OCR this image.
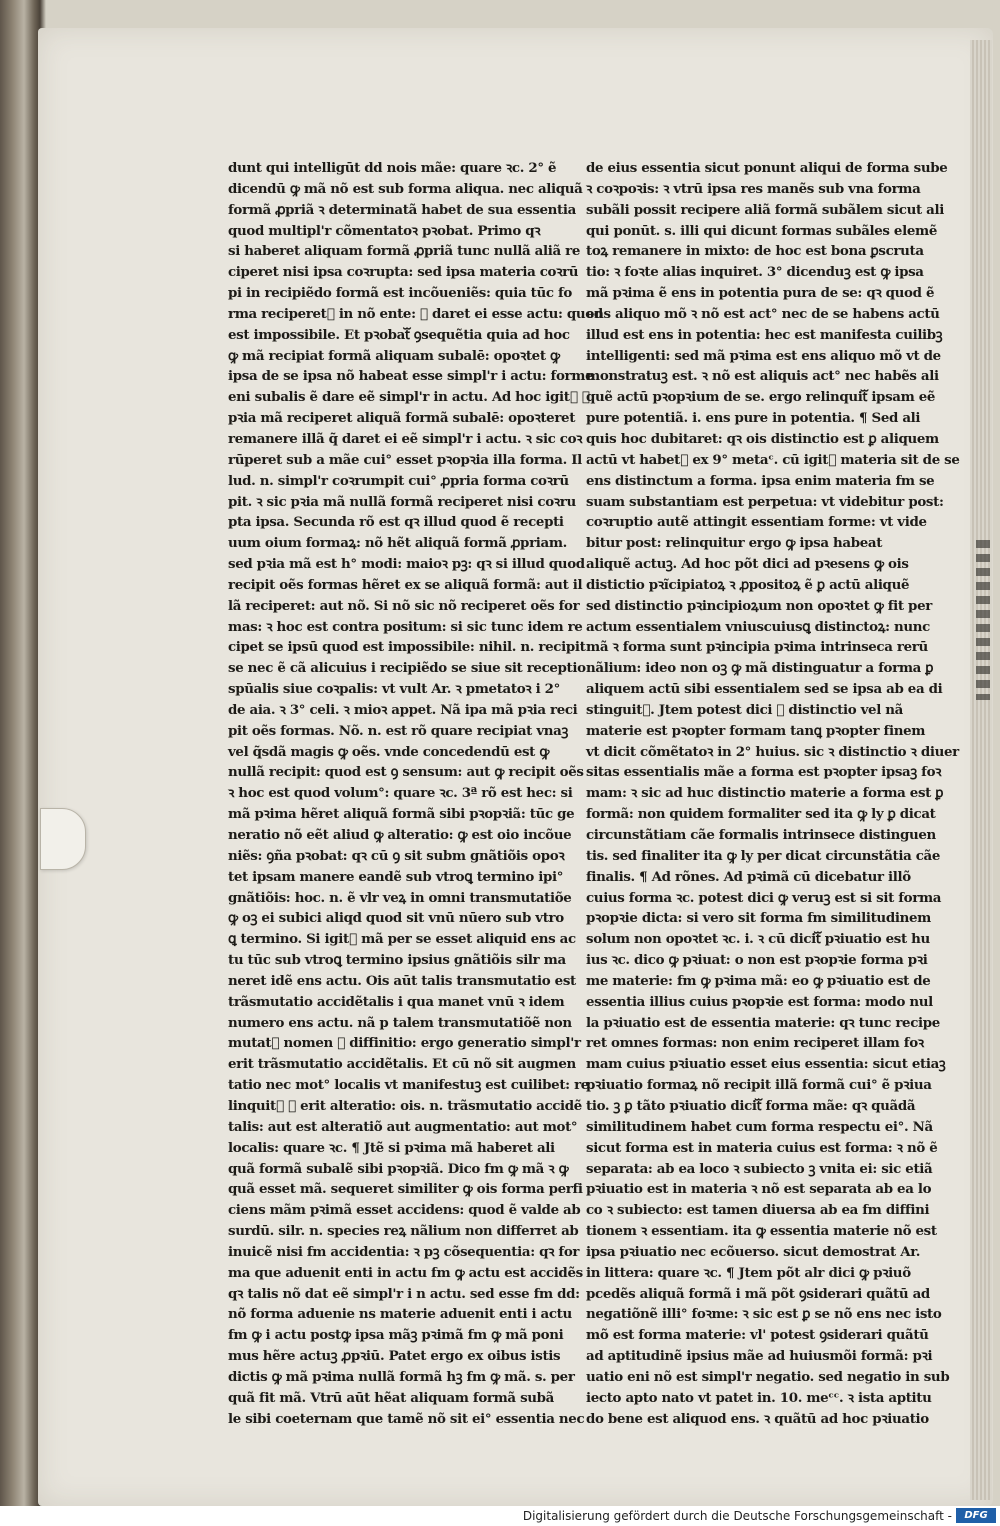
dunt qui intelligūt dd nois mãe: quare ꝛc. 2° ẽ
dicendū ꝙ mã nõ est sub forma aliqua. nec aliquã
formã ꝓpriã ꝛ determinatã habet de sua essentia
quod multipl'r cõmentatoꝛ pꝛobat. Primo qꝛ
si haberet aliquam formã ꝓpriã tunc nullã aliã re
ciperet nisi ipsa coꝛrupta: sed ipsa materia coꝛrū
pi in recipiẽdo formã est incõueniẽs: quia tūc fo
rma reciperetᷓ in nõ ente: ꝛ daret ei esse actu: quod
est impossibile. Et pꝛobatᷓ ꝯsequẽtia quia ad hoc
ꝙ mã recipiat formã aliquam subalē: opoꝛtet ꝙ
ipsa de se ipsa nõ habeat esse simpl'r i actu: forme
eni subalis ẽ dare eẽ simpl'r in actu. Ad hoc igitᷓ ꝙ
pꝛia mã reciperet aliquã formã subalē: opoꝛteret
remanere illã q̃ daret ei eẽ simpl'r i actu. ꝛ sic coꝛ
rūperet sub a mãe cui° esset pꝛopꝛia illa forma. Il
lud. n. simpl'r coꝛrumpit cui° ꝓpria forma coꝛrū
pit. ꝛ sic pꝛia mã nullã formã reciperet nisi coꝛru
pta ipsa. Secunda rõ est qꝛ illud quod ẽ recepti
uum oium formaꝝ: nõ hẽt aliquã formã ꝓpriam.
sed pꝛia mã est h° modi: maioꝛ pꝫ: qꝛ si illud quod
recipit oẽs formas hẽret ex se aliquã formã: aut il
lã reciperet: aut nõ. Si nõ sic nõ reciperet oẽs for
mas: ꝛ hoc est contra positum: si sic tunc idem re
cipet se ipsū quod est impossibile: nihil. n. recipit
se nec ẽ cã alicuius i recipiẽdo se siue sit receptio
spūalis siue coꝛpalis: vt vult Ar. ꝛ pmetatoꝛ i 2°
de aia. ꝛ 3° celi. ꝛ mioꝛ appet. Nã ipa mã pꝛia reci
pit oẽs formas. Nõ. n. est rõ quare recipiat vnaꝫ
vel q̃sdã magis ꝙ oẽs. vnde concedendū est ꝙ
nullã recipit: quod est ꝯ sensum: aut ꝙ recipit oẽs
ꝛ hoc est quod volum°: quare ꝛc. 3ª rõ est hec: si
mã pꝛima hẽret aliquã formã sibi pꝛopꝛiã: tūc ge
neratio nõ eẽt aliud ꝙ alteratio: ꝙ est oio incõue
niẽs: ꝯña pꝛobat: qꝛ cū ꝯ sit subm gnãtiõis opoꝛ
tet ipsam manere eandẽ sub vtroꝗ termino ipi°
gnãtiõis: hoc. n. ẽ vlr veꝝ in omni transmutatiõe
ꝙ oꝫ ei subici aliqd quod sit vnū nūero sub vtro
ꝗ termino. Si igitᷓ mã per se esset aliquid ens ac
tu tūc sub vtroꝗ termino ipsius gnãtiõis silr ma
neret idẽ ens actu. Ois aūt talis transmutatio est
trãsmutatio accidẽtalis i qua manet vnū ꝛ idem
numero ens actu. nã p talem transmutatiõẽ non
mutatᷓ nomen ꝛ diffinitio: ergo generatio simpl'r
erit trãsmutatio accidẽtalis. Et cū nõ sit augmen
tatio nec mot° localis vt manifestuꝫ est cuilibet: re
linquitᷓ ꝙ erit alteratio: ois. n. trãsmutatio accidẽ
talis: aut est alteratiõ aut augmentatio: aut mot°
localis: quare ꝛc. ¶ Jtẽ si pꝛima mã haberet ali
quã formã subalẽ sibi pꝛopꝛiã. Dico fm ꝙ mã ꝛ ꝙ
quã esset mã. sequeret similiter ꝙ ois forma perfi
ciens mãm pꝛimã esset accidens: quod ẽ valde ab
surdū. silr. n. species reꝝ nãlium non differret ab
inuicẽ nisi fm accidentia: ꝛ pꝫ cõsequentia: qꝛ for
ma que aduenit enti in actu fm ꝙ actu est accidẽs
qꝛ talis nõ dat eẽ simpl'r i n actu. sed esse fm dd:
nõ forma aduenie ns materie aduenit enti i actu
fm ꝙ i actu postꝙ ipsa mãꝫ pꝛimã fm ꝙ mã poni
mus hẽre actuꝫ ꝓpꝛiū. Patet ergo ex oibus istis
dictis ꝙ mã pꝛima nullã formã hꝫ fm ꝙ mã. s. per
quã fit mã. Vtrū aūt hẽat aliquam formã subã
le sibi coeternam que tamẽ nõ sit ei° essentia nec
de eius essentia sicut ponunt aliqui de forma sube
ꝛ coꝛpoꝛis: ꝛ vtrū ipsa res manẽs sub vna forma
subãli possit recipere aliã formã subãlem sicut ali
qui ponūt. s. illi qui dicunt formas subãles elemẽ
toꝝ remanere in mixto: de hoc est bona ꝑscruta
tio: ꝛ foꝛte alias inquiret. 3° dicenduꝫ est ꝙ ipsa
mã pꝛima ẽ ens in potentia pura de se: qꝛ quod ẽ
ens aliquo mõ ꝛ nõ est act° nec de se habens actū
illud est ens in potentia: hec est manifesta cuilibꝫ
intelligenti: sed mã pꝛima est ens aliquo mõ vt de
monstratuꝫ est. ꝛ nõ est aliquis act° nec habẽs ali
quẽ actū pꝛopꝛium de se. ergo relinquitᷓ ipsam eẽ
pure potentiã. i. ens pure in potentia. ¶ Sed ali
quis hoc dubitaret: qꝛ ois distinctio est ꝑ aliquem
actū vt habetᷓ ex 9° metaᶜ. cū igitᷓ materia sit de se
ens distinctum a forma. ipsa enim materia fm se
suam substantiam est perpetua: vt videbitur post:
coꝛruptio autẽ attingit essentiam forme: vt vide
bitur post: relinquitur ergo ꝙ ipsa habeat
aliquẽ actuꝫ. Ad hoc põt dici ad pꝛesens ꝙ ois
distictio pꝛĩcipiatoꝝ ꝛ ꝓpositoꝝ ẽ ꝑ actū aliquẽ
sed distinctio pꝛincipioꝝum non opoꝛtet ꝙ fit per
actum essentialem vniuscuiusꝗ distinctoꝝ: nunc
mã ꝛ forma sunt pꝛincipia pꝛima intrinseca rerū
nãlium: ideo non oꝫ ꝙ mã distinguatur a forma ꝑ
aliquem actū sibi essentialem sed se ipsa ab ea di
stinguitᷓ. Jtem potest dici ꝙ distinctio vel nã
materie est pꝛopter formam tanꝗ pꝛopter finem
vt dicit cõmẽtatoꝛ in 2° huius. sic ꝛ distinctio ꝛ diuer
sitas essentialis mãe a forma est pꝛopter ipsaꝫ foꝛ
mam: ꝛ sic ad huc distinctio materie a forma est ꝑ
formã: non quidem formaliter sed ita ꝙ ly ꝑ dicat
circunstãtiam cãe formalis intrinsece distinguen
tis. sed finaliter ita ꝙ ly per dicat circunstãtia cãe
finalis. ¶ Ad rõnes. Ad pꝛimã cū dicebatur illõ
cuius forma ꝛc. potest dici ꝙ veruꝫ est si sit forma
pꝛopꝛie dicta: si vero sit forma fm similitudinem
solum non opoꝛtet ꝛc. i. ꝛ cū dicitᷓ pꝛiuatio est hu
ius ꝛc. dico ꝙ pꝛiuat: o non est pꝛopꝛie forma pꝛi
me materie: fm ꝙ pꝛima mã: eo ꝙ pꝛiuatio est de
essentia illius cuius pꝛopꝛie est forma: modo nul
la pꝛiuatio est de essentia materie: qꝛ tunc recipe
ret omnes formas: non enim reciperet illam foꝛ
mam cuius pꝛiuatio esset eius essentia: sicut etiaꝫ
pꝛiuatio formaꝝ nõ recipit illã formã cui° ẽ pꝛiua
tio. ꝫ ꝑ tãto pꝛiuatio dicitᷓ forma mãe: qꝛ quãdã
similitudinem habet cum forma respectu ei°. Nã
sicut forma est in materia cuius est forma: ꝛ nõ ẽ
separata: ab ea loco ꝛ subiecto ꝫ vnita ei: sic etiã
pꝛiuatio est in materia ꝛ nõ est separata ab ea lo
co ꝛ subiecto: est tamen diuersa ab ea fm diffini
tionem ꝛ essentiam. ita ꝙ essentia materie nõ est
ipsa pꝛiuatio nec ecõuerso. sicut demostrat Ar.
in littera: quare ꝛc. ¶ Jtem põt alr dici ꝙ pꝛiuõ
pcedẽs aliquã formã i mã põt ꝯsiderari quãtū ad
negatiõnẽ illi° foꝛme: ꝛ sic est ꝑ se nõ ens nec isto
mõ est forma materie: vl' potest ꝯsiderari quãtū
ad aptitudinẽ ipsius mãe ad huiusmõi formã: pꝛi
uatio eni nõ est simpl'r negatio. sed negatio in sub
iecto apto nato vt patet in. 10. meᶜᶜ. ꝛ ista aptitu
do bene est aliquod ens. ꝛ quãtū ad hoc pꝛiuatio
Digitalisierung gefördert durch die Deutsche Forschungsgemeinschaft -	DFG
